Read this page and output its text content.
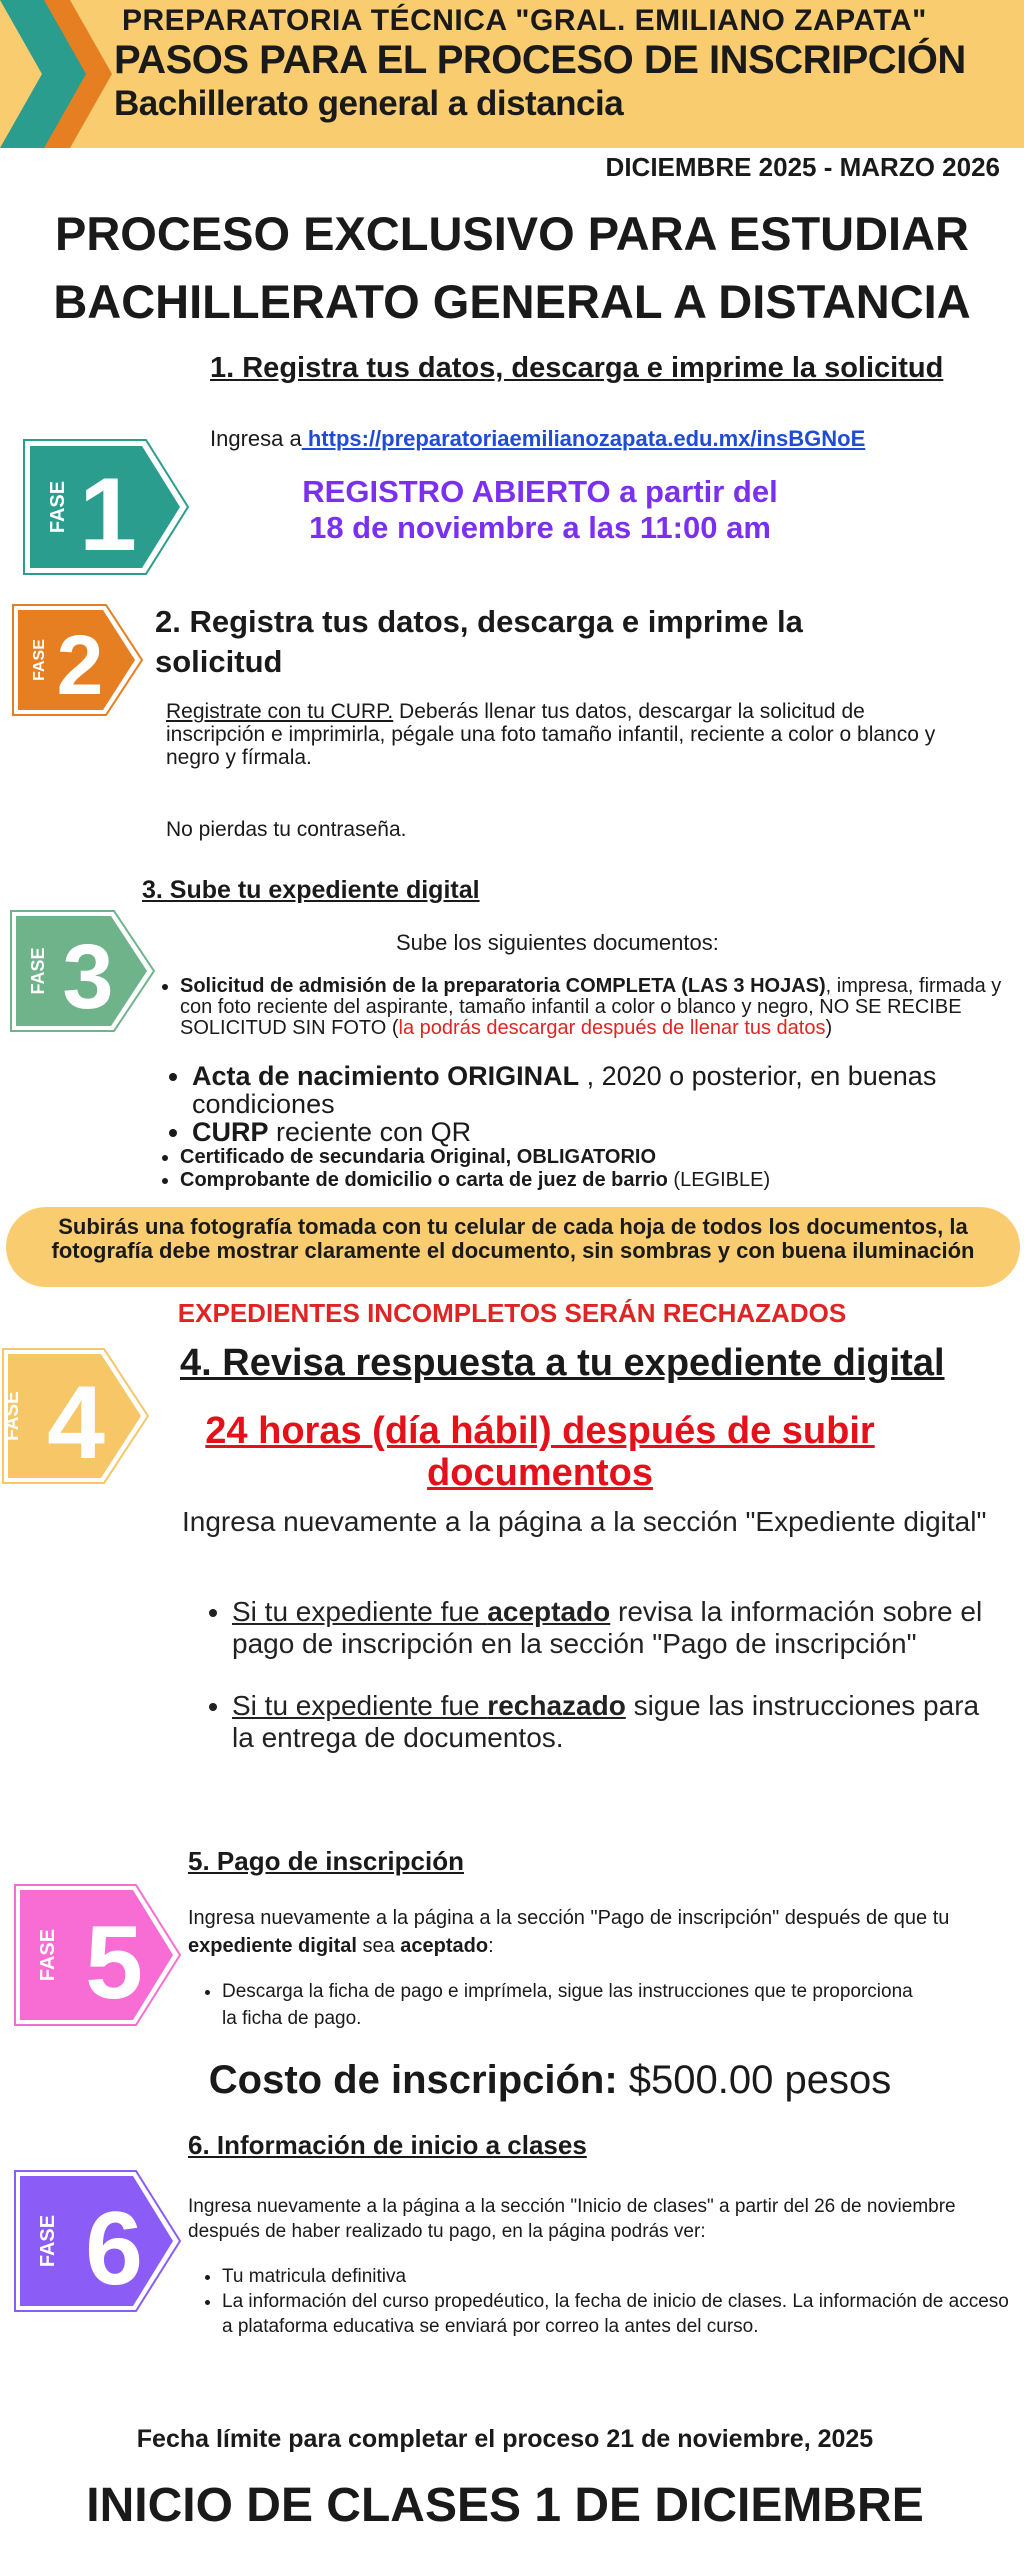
PREPARATORIA TÉCNICA "GRAL. EMILIANO ZAPATA"
PASOS PARA EL PROCESO DE INSCRIPCIÓN
Bachillerato general a distancia
DICIEMBRE 2025 - MARZO 2026
PROCESO EXCLUSIVO PARA ESTUDIAR
BACHILLERATO GENERAL A DISTANCIA
FASE 1
1. Registra tus datos, descarga e imprime la solicitud
Ingresa a https://preparatoriaemilianozapata.edu.mx/insBGNoE
REGISTRO ABIERTO a partir del
18 de noviembre a las 11:00 am
FASE 2 2. Registra tus datos, descarga e imprime la
solicitud
Registrate con tu CURP. Deberás llenar tus datos, descargar la solicitud de inscripción e imprimirla, pégale una foto tamaño infantil, reciente a color o blanco y negro y fírmala.
No pierdas tu contraseña.
FASE 3
3. Sube tu expediente digital
Sube los siguientes documentos:
• Solicitud de admisión de la preparatoria COMPLETA (LAS 3 HOJAS), impresa, firmada y con foto reciente del aspirante, tamaño infantil a color o blanco y negro, NO SE RECIBE SOLICITUD SIN FOTO (la podrás descargar después de llenar tus datos)
• Acta de nacimiento ORIGINAL , 2020 o posterior, en buenas condiciones
• CURP reciente con QR
• Certificado de secundaria Original, OBLIGATORIO
• Comprobante de domicilio o carta de juez de barrio (LEGIBLE)
Subirás una fotografía tomada con tu celular de cada hoja de todos los documentos, la fotografía debe mostrar claramente el documento, sin sombras y con buena iluminación
EXPEDIENTES INCOMPLETOS SERÁN RECHAZADOS
FASE 4
4. Revisa respuesta a tu expediente digital
24 horas (día hábil) después de subir
documentos
Ingresa nuevamente a la página a la sección "Expediente digital"
• Si tu expediente fue aceptado revisa la información sobre el pago de inscripción en la sección "Pago de inscripción"
• Si tu expediente fue rechazado sigue las instrucciones para la entrega de documentos.
FASE 5
5. Pago de inscripción
Ingresa nuevamente a la página a la sección "Pago de inscripción" después de que tu expediente digital sea aceptado:
• Descarga la ficha de pago e imprímela, sigue las instrucciones que te proporciona la ficha de pago.
Costo de inscripción: $500.00 pesos
FASE 6
6. Información de inicio a clases
Ingresa nuevamente a la página a la sección "Inicio de clases" a partir del 26 de noviembre después de haber realizado tu pago, en la página podrás ver:
• Tu matricula definitiva
• La información del curso propedéutico, la fecha de inicio de clases. La información de acceso a plataforma educativa se enviará por correo la antes del curso.
Fecha límite para completar el proceso 21 de noviembre, 2025
INICIO DE CLASES 1 DE DICIEMBRE
